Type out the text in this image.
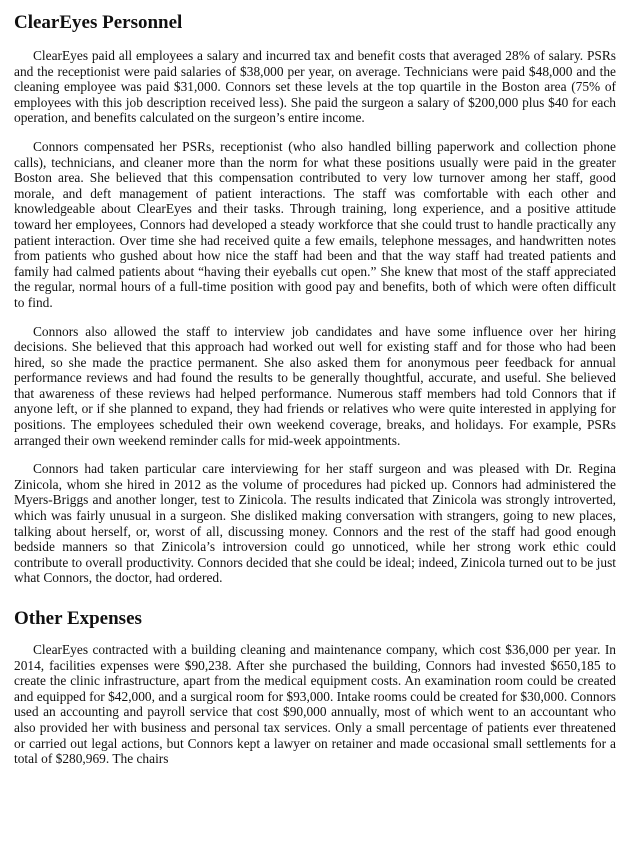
ClearEyes Personnel

ClearEyes paid all employees a salary and incurred tax and benefit costs that averaged 28% of salary. PSRs and the receptionist were paid salaries of $38,000 per year, on average. Technicians were paid $48,000 and the cleaning employee was paid $31,000. Connors set these levels at the top quartile in the Boston area (75% of employees with this job description received less). She paid the surgeon a salary of $200,000 plus $40 for each operation, and benefits calculated on the surgeon’s entire income.

Connors compensated her PSRs, receptionist (who also handled billing paperwork and collection phone calls), technicians, and cleaner more than the norm for what these positions usually were paid in the greater Boston area. She believed that this compensation contributed to very low turnover among her staff, good morale, and deft management of patient interactions. The staff was comfortable with each other and knowledgeable about ClearEyes and their tasks. Through training, long experience, and a positive attitude toward her employees, Connors had developed a steady workforce that she could trust to handle practically any patient interaction. Over time she had received quite a few emails, telephone messages, and handwritten notes from patients who gushed about how nice the staff had been and that the way staff had treated patients and family had calmed patients about “having their eyeballs cut open.” She knew that most of the staff appreciated the regular, normal hours of a full-time position with good pay and benefits, both of which were often difficult to find.

Connors also allowed the staff to interview job candidates and have some influence over her hiring decisions. She believed that this approach had worked out well for existing staff and for those who had been hired, so she made the practice permanent. She also asked them for anonymous peer feedback for annual performance reviews and had found the results to be generally thoughtful, accurate, and useful. She believed that awareness of these reviews had helped performance. Numerous staff members had told Connors that if anyone left, or if she planned to expand, they had friends or relatives who were quite interested in applying for positions. The employees scheduled their own weekend coverage, breaks, and holidays. For example, PSRs arranged their own weekend reminder calls for mid-week appointments.

Connors had taken particular care interviewing for her staff surgeon and was pleased with Dr. Regina Zinicola, whom she hired in 2012 as the volume of procedures had picked up. Connors had administered the Myers-Briggs and another longer, test to Zinicola. The results indicated that Zinicola was strongly introverted, which was fairly unusual in a surgeon. She disliked making conversation with strangers, going to new places, talking about herself, or, worst of all, discussing money. Connors and the rest of the staff had good enough bedside manners so that Zinicola’s introversion could go unnoticed, while her strong work ethic could contribute to overall productivity. Connors decided that she could be ideal; indeed, Zinicola turned out to be just what Connors, the doctor, had ordered.

Other Expenses

ClearEyes contracted with a building cleaning and maintenance company, which cost $36,000 per year. In 2014, facilities expenses were $90,238. After she purchased the building, Connors had invested $650,185 to create the clinic infrastructure, apart from the medical equipment costs. An examination room could be created and equipped for $42,000, and a surgical room for $93,000. Intake rooms could be created for $30,000. Connors used an accounting and payroll service that cost $90,000 annually, most of which went to an accountant who also provided her with business and personal tax services. Only a small percentage of patients ever threatened or carried out legal actions, but Connors kept a lawyer on retainer and made occasional small settlements for a total of $280,969. The chairs
